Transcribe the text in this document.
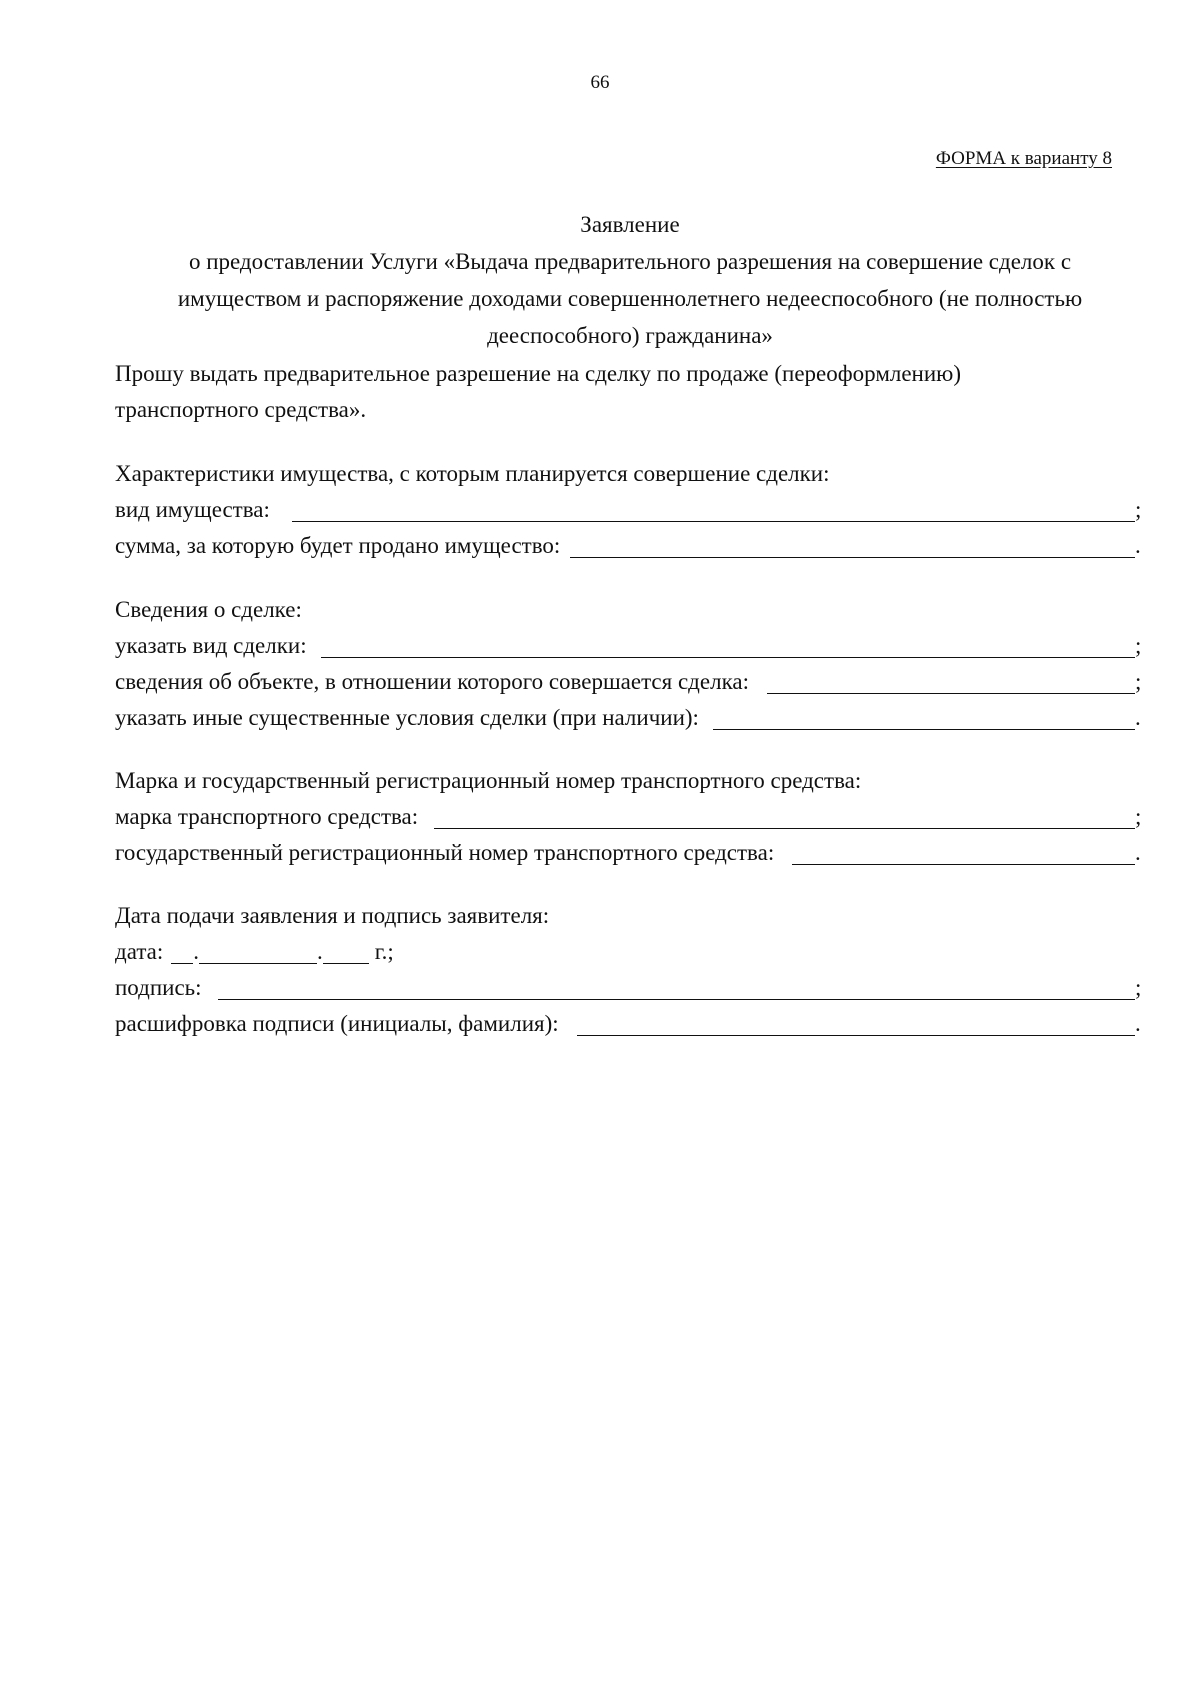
66
ФОРМА к варианту 8
Заявление
о предоставлении Услуги «Выдача предварительного разрешения на совершение сделок с
имуществом и распоряжение доходами совершеннолетнего недееспособного (не полностью
дееспособного) гражданина»
Прошу выдать предварительное разрешение на сделку по продаже (переоформлению)
транспортного средства».
Характеристики имущества, с которым планируется совершение сделки:
вид имущества:	;
сумма, за которую будет продано имущество:	.
Сведения о сделке:
указать вид сделки:	;
сведения об объекте, в отношении которого совершается сделка:	;
указать иные существенные условия сделки (при наличии):	.
Марка и государственный регистрационный номер транспортного средства:
марка транспортного средства:	;
государственный регистрационный номер транспортного средства:	.
Дата подачи заявления и подпись заявителя:
дата: .	. г.;
подпись:	;
расшифровка подписи (инициалы, фамилия):	.
